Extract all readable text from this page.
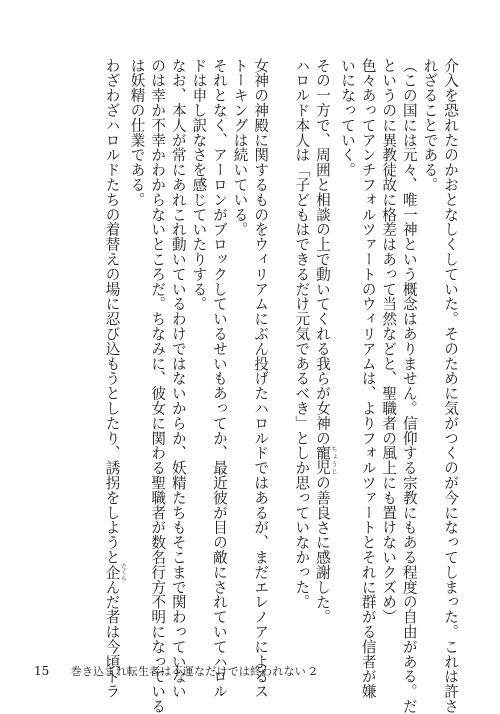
介入を恐れたのかおとなしくしていた。そのために気がつくのが今になってしまった。これは許さ

れざることである。

（この国には元々、唯一神という概念はありません。信仰する宗教にもある程度の自由がある。だ

というのに異教徒故に格差はあって当然などと、聖職者の風上にも置けないクズめ）

色々あってアンチフォルツァートのウィリアムは、よりフォルツァートとそれに群がる信者が嫌

いになっていく。

その一方で、周囲と相談の上で動いてくれる我らが女神の寵児 ちょうじの善良さに感謝した。

ハロルド本人は「子どもはできるだけ元気であるべき」としか思っていなかった。

女神の神殿に関するものをウィリアムにぶん投げたハロルドではあるが、まだエレノアによるス

トーキングは続いている。

それとなく、アーロンがブロックしているせいもあってか、最近彼が目の敵にされていてハロル

ドは申し訳なさを感じていたりする。

なお、本人が常にあれこれ動いているわけではないからか、妖精たちもそこまで関わっていない

のは幸か不幸かわからないところだ。ちなみに、彼女に関わる聖職者が数名行方不明になっている

は妖精の仕業である。

わざわざハロルドたちの着替えの場に忍び込もうとしたり、誘拐をしようと企 たくらんだ者は今頃トラ

15 巻き込まれ転生者は不運なだけでは終われない 2
